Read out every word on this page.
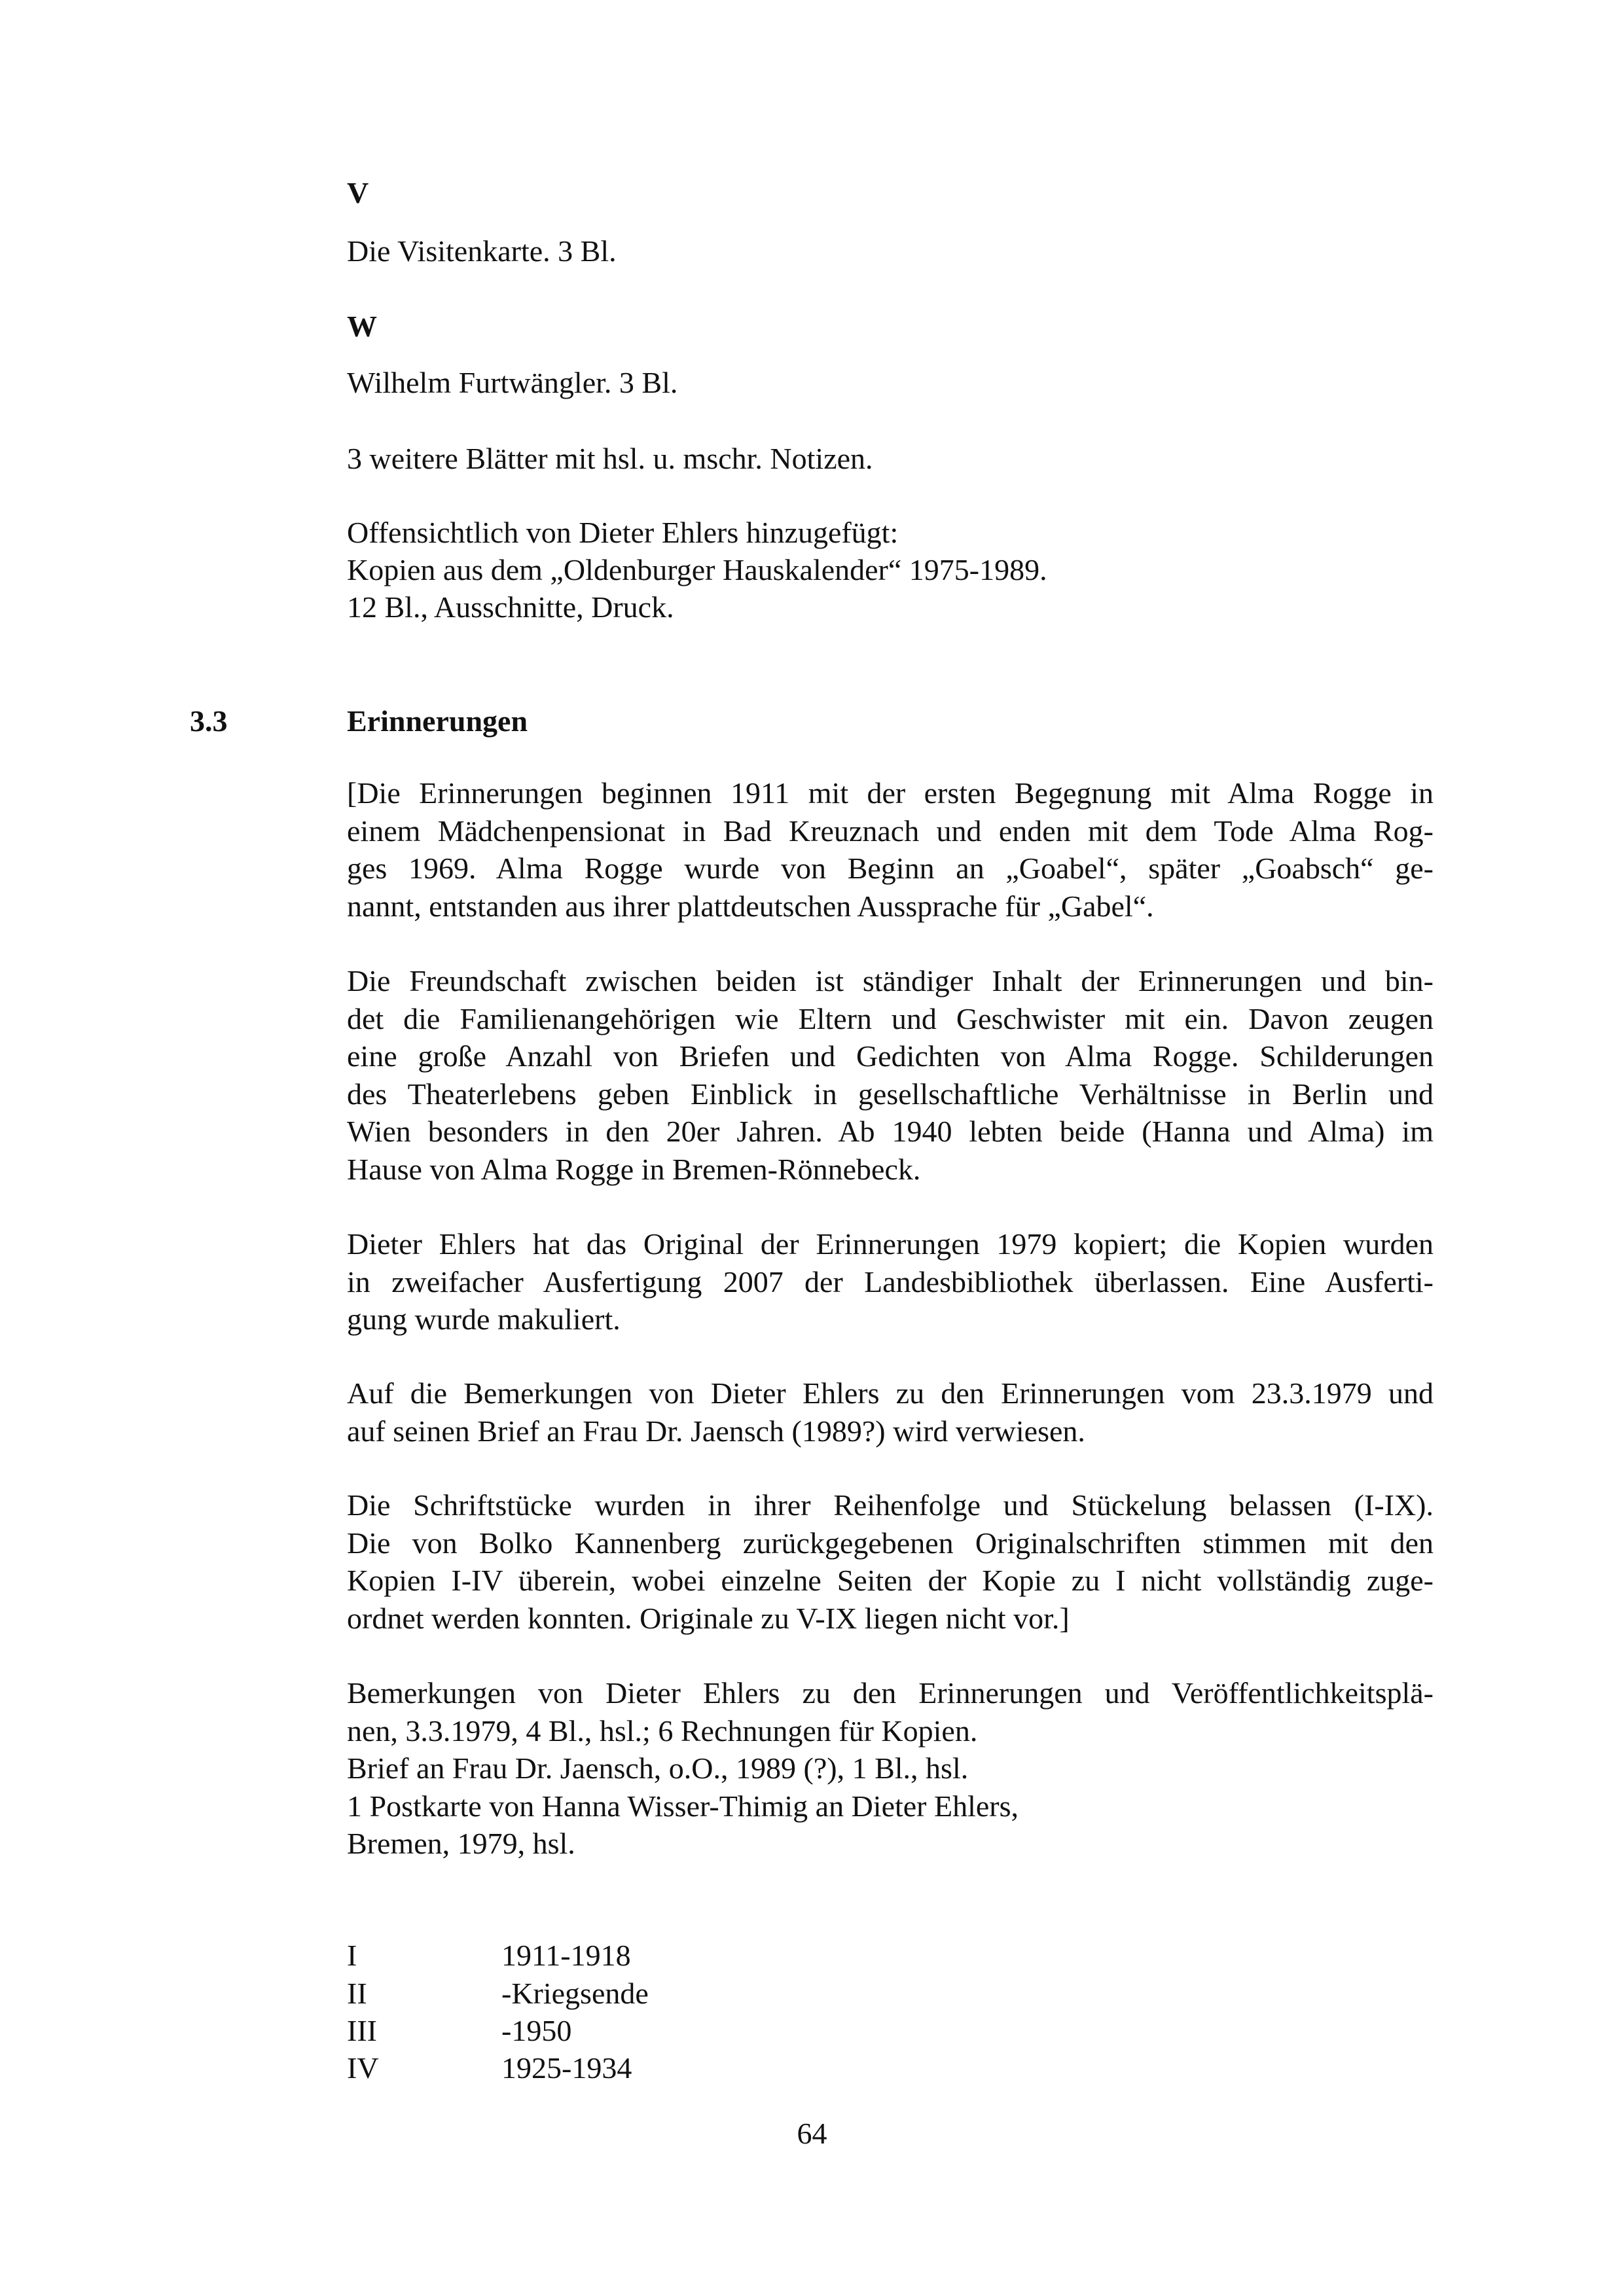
V

Die Visitenkarte. 3 Bl.

W

Wilhelm Furtwängler. 3 Bl.

3 weitere Blätter mit hsl. u. mschr. Notizen.

Offensichtlich von Dieter Ehlers hinzugefügt:

Kopien aus dem „Oldenburger Hauskalender“ 1975-1989.

12 Bl., Ausschnitte, Druck.

3.3	Erinnerungen

[Die Erinnerungen beginnen 1911 mit der ersten Begegnung mit Alma Rogge in
einem Mädchenpensionat in Bad Kreuznach und enden mit dem Tode Alma Rog-
ges 1969. Alma Rogge wurde von Beginn an „Goabel“, später „Goabsch“ ge-
nannt, entstanden aus ihrer plattdeutschen Aussprache für „Gabel“.
Die Freundschaft zwischen beiden ist ständiger Inhalt der Erinnerungen und bin-
det die Familienangehörigen wie Eltern und Geschwister mit ein. Davon zeugen
eine große Anzahl von Briefen und Gedichten von Alma Rogge. Schilderungen
des Theaterlebens geben Einblick in gesellschaftliche Verhältnisse in Berlin und
Wien besonders in den 20er Jahren. Ab 1940 lebten beide (Hanna und Alma) im
Hause von Alma Rogge in Bremen-Rönnebeck.
Dieter Ehlers hat das Original der Erinnerungen 1979 kopiert; die Kopien wurden
in zweifacher Ausfertigung 2007 der Landesbibliothek überlassen. Eine Ausferti-
gung wurde makuliert.
Auf die Bemerkungen von Dieter Ehlers zu den Erinnerungen vom 23.3.1979 und
auf seinen Brief an Frau Dr. Jaensch (1989?) wird verwiesen.
Die Schriftstücke wurden in ihrer Reihenfolge und Stückelung belassen (I-IX).
Die von Bolko Kannenberg zurückgegebenen Originalschriften stimmen mit den
Kopien I-IV überein, wobei einzelne Seiten der Kopie zu I nicht vollständig zuge-
ordnet werden konnten. Originale zu V-IX liegen nicht vor.]
Bemerkungen von Dieter Ehlers zu den Erinnerungen und Veröffentlichkeitsplä-
nen, 3.3.1979, 4 Bl., hsl.; 6 Rechnungen für Kopien.
Brief an Frau Dr. Jaensch, o.O., 1989 (?), 1 Bl., hsl.
1 Postkarte von Hanna Wisser-Thimig an Dieter Ehlers,
Bremen, 1979, hsl.
I	1911-1918
II	-Kriegsende
III	-1950
IV	1925-1934

64
